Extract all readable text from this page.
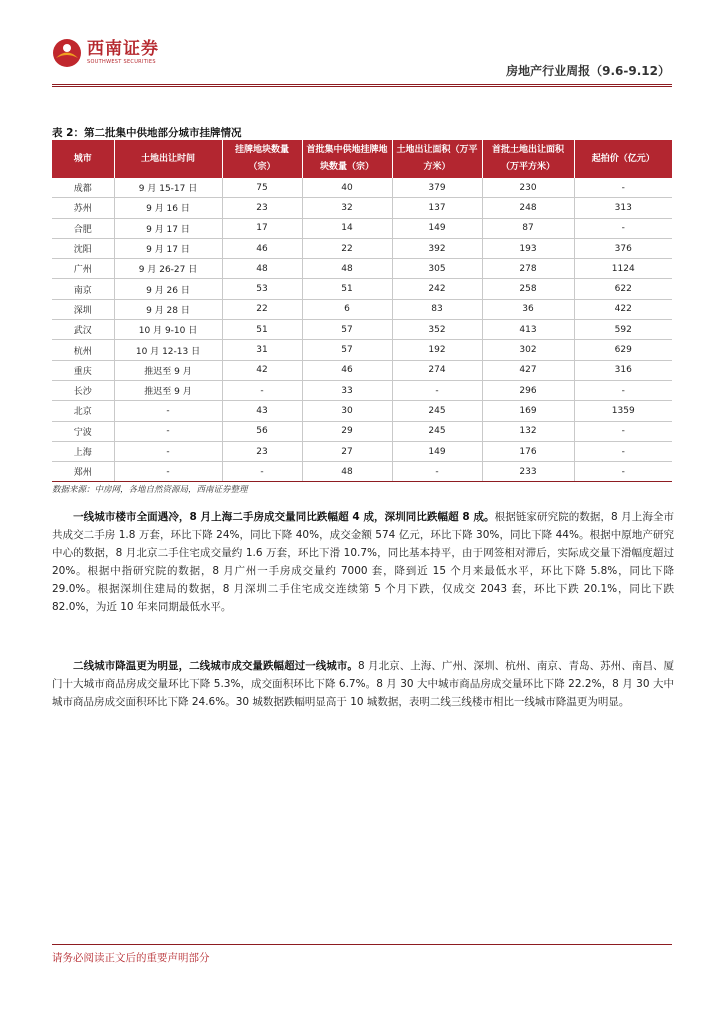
西南证券
SOUTHWEST SECURITIES
房地产行业周报（9.6-9.12）
表 2：第二批集中供地部分城市挂牌情况
城市	土地出让时间	挂牌地块数量（宗）	首批集中供地挂牌地块数量（宗）	土地出让面积（万平方米）	首批土地出让面积（万平方米）	起拍价（亿元）
成都	9 月 15-17 日	75	40	379	230	-
苏州	9 月 16 日	23	32	137	248	313
合肥	9 月 17 日	17	14	149	87	-
沈阳	9 月 17 日	46	22	392	193	376
广州	9 月 26-27 日	48	48	305	278	1124
南京	9 月 26 日	53	51	242	258	622
深圳	9 月 28 日	22	6	83	36	422
武汉	10 月 9-10 日	51	57	352	413	592
杭州	10 月 12-13 日	31	57	192	302	629
重庆	推迟至 9 月	42	46	274	427	316
长沙	推迟至 9 月	-	33	-	296	-
北京	-	43	30	245	169	1359
宁波	-	56	29	245	132	-
上海	-	23	27	149	176	-
郑州	-	-	48	-	233	-
数据来源：中房网，各地自然资源局，西南证券整理
一线城市楼市全面遇冷，8 月上海二手房成交量同比跌幅超 4 成，深圳同比跌幅超 8 成。根据链家研究院的数据，8 月上海全市共成交二手房 1.8 万套，环比下降 24%，同比下降 40%，成交金额 574 亿元，环比下降 30%，同比下降 44%。根据中原地产研究中心的数据，8 月北京二手住宅成交量约 1.6 万套，环比下滑 10.7%，同比基本持平，由于网签相对滞后，实际成交量下滑幅度超过 20%。根据中指研究院的数据，8 月广州一手房成交量约 7000 套，降到近 15 个月来最低水平，环比下降 5.8%，同比下降 29.0%。根据深圳住建局的数据，8 月深圳二手住宅成交连续第 5 个月下跌，仅成交 2043 套，环比下跌 20.1%，同比下跌 82.0%，为近 10 年来同期最低水平。
二线城市降温更为明显，二线城市成交量跌幅超过一线城市。8 月北京、上海、广州、深圳、杭州、南京、青岛、苏州、南昌、厦门十大城市商品房成交量环比下降 5.3%，成交面积环比下降 6.7%。8 月 30 大中城市商品房成交量环比下降 22.2%，8 月 30 大中城市商品房成交面积环比下降 24.6%。30 城数据跌幅明显高于 10 城数据，表明二线三线楼市相比一线城市降温更为明显。
请务必阅读正文后的重要声明部分
